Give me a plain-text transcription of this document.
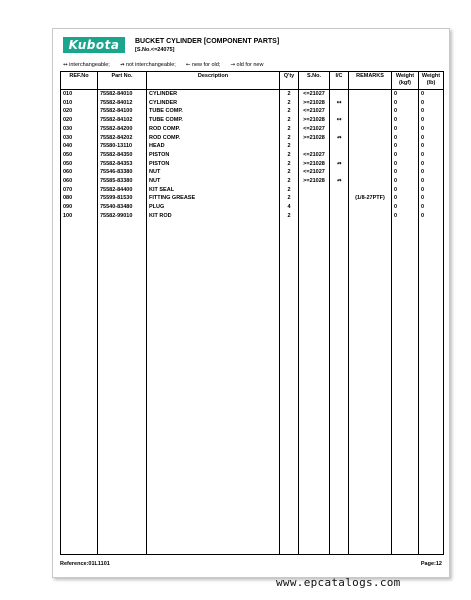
Kubota	BUCKET CYLINDER [COMPONENT PARTS]
[S.No.<=24075]
↔ interchangeable; ↛ not interchangeable; ← new for old; → old for new
REF.No	Part No.	Description	Q'ty	S.No.	I/C	REMARKS	Weight (kgf)	Weight (lb)
010	75582-84010	CYLINDER	2	<=21027			0	0
010	75582-84012	CYLINDER	2	>=21028	↔		0	0
020	75582-84100	TUBE COMP.	2	<=21027			0	0
020	75582-84102	TUBE COMP.	2	>=21028	↔		0	0
030	75582-84200	ROD COMP.	2	<=21027			0	0
030	75582-84202	ROD COMP.	2	>=21028	↛		0	0
040	75580-13110	HEAD	2				0	0
050	75582-84350	PISTON	2	<=21027			0	0
050	75582-84353	PISTON	2	>=21028	↛		0	0
060	75546-83380	NUT	2	<=21027			0	0
060	75585-83380	NUT	2	>=21028	↛		0	0
070	75582-84400	KIT SEAL	2				0	0
080	75599-81530	FITTING GREASE	2			(1/8-27PTF)	0	0
090	75540-83480	PLUG	4				0	0
100	75582-99010	KIT ROD	2				0	0

Reference:01L1101	Page:12
www.epcatalogs.com
